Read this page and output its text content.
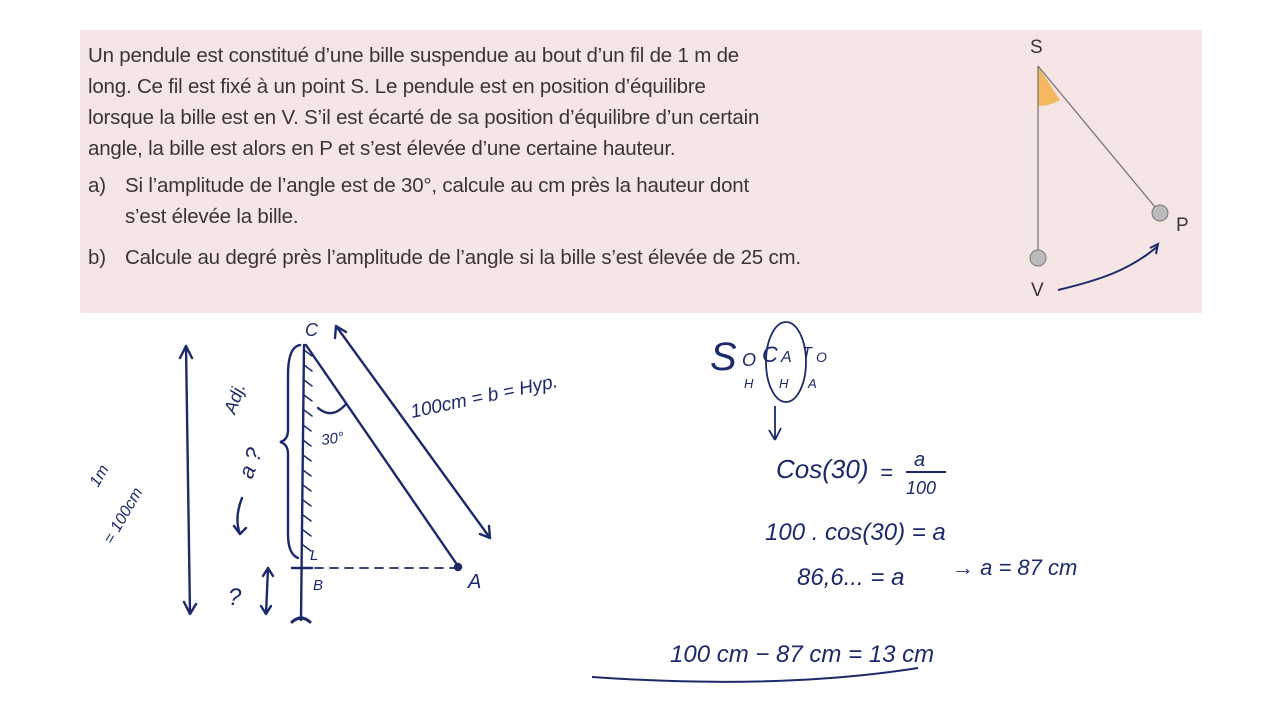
Un pendule est constitué d’une bille suspendue au bout d’un fil de 1 m de
long. Ce fil est fixé à un point S. Le pendule est en position d’équilibre
lorsque la bille est en V. S’il est écarté de sa position d’équilibre d’un certain
angle, la bille est alors en P et s’est élevée d’une certaine hauteur.
a) Si l’amplitude de l’angle est de 30°, calcule au cm près la hauteur dont
s’est élevée la bille.
b) Calcule au degré près l’amplitude de l’angle si la bille s’est élevée de 25 cm.
S
V
P
C
L
B	A
30°
1m
= 100cm
Adj.
a ?
?
100cm = b = Hyp.
S O C A T O
H H A
Cos(30) = a
100
100 . cos(30) = a
86,6... = a → a = 87 cm
100 cm − 87 cm = 13 cm
